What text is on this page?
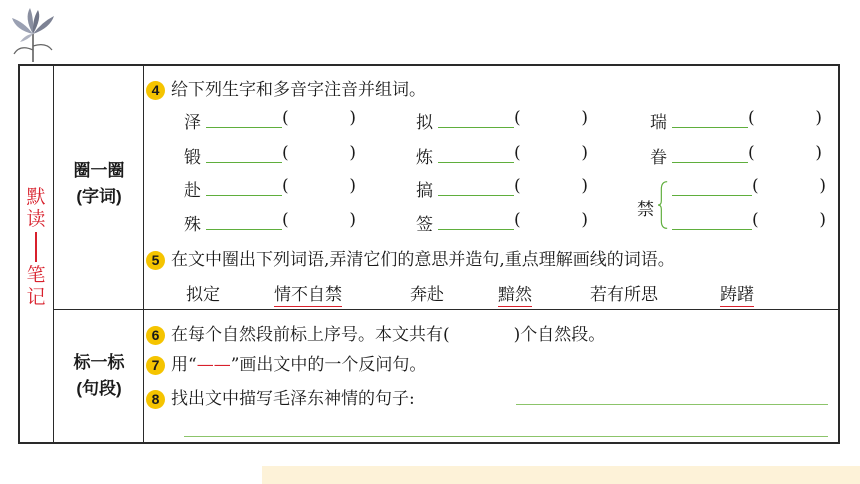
默
读
笔
记
圈一圈
(字词)
标一标
(句段)
4 给下列生字和多音字注音并组词。
泽	(	)	拟	(	)	瑞	(	)
锻	(	)	炼	(	)	眷	(	)
赴	(	)	搞	(	)
殊	(	)	签	(	)	禁
(	)
(	)
5 在文中圈出下列词语,弄清它们的意思并造句,重点理解画线的词语。
拟定	情不自禁	奔赴	黯然	若有所思	踌躇
6 在每个自然段前标上序号。本文共有(	)个自然段。
7 用“——”画出文中的一个反问句。
8 找出文中描写毛泽东神情的句子:
